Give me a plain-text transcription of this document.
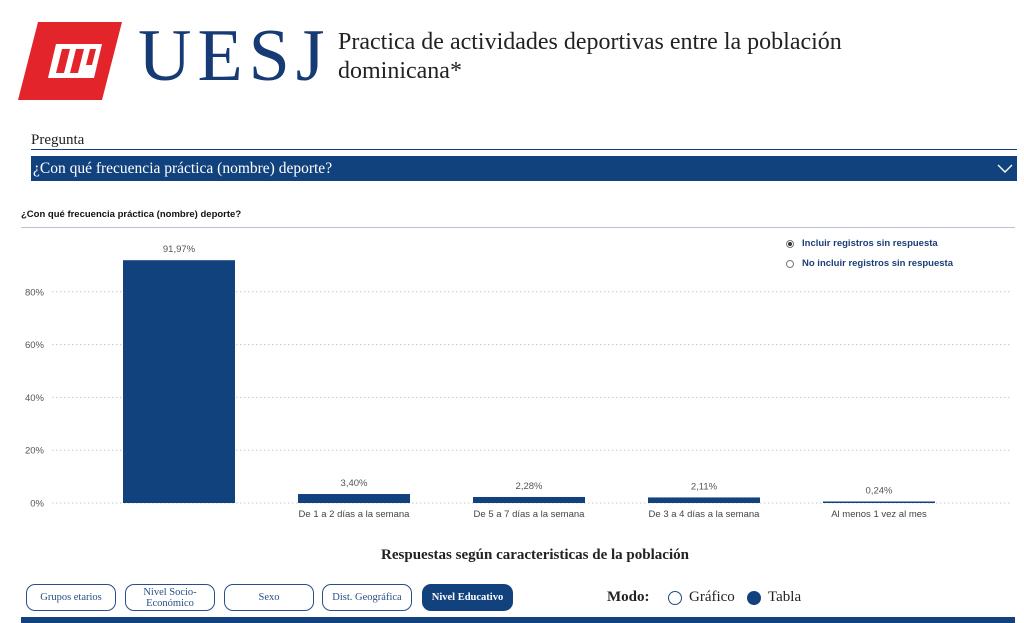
UESJ Practica de actividades deportivas entre la población dominicana*
Pregunta
¿Con qué frecuencia práctica (nombre) deporte?
¿Con qué frecuencia práctica (nombre) deporte?
Incluir registros sin respuesta
No incluir registros sin respuesta
0%
20%
40%
60%
80%
91,97%
3,40%
De 1 a 2 días a la semana
2,28%
De 5 a 7 días a la semana
2,11%
De 3 a 4 días a la semana
0,24%
Al menos 1 vez al mes
Respuestas según caracteristicas de la población
Grupos etarios	Nivel Socio-Económico	Sexo	Dist. Geográfica	Nivel Educativo	Modo:	Gráfico Tabla
